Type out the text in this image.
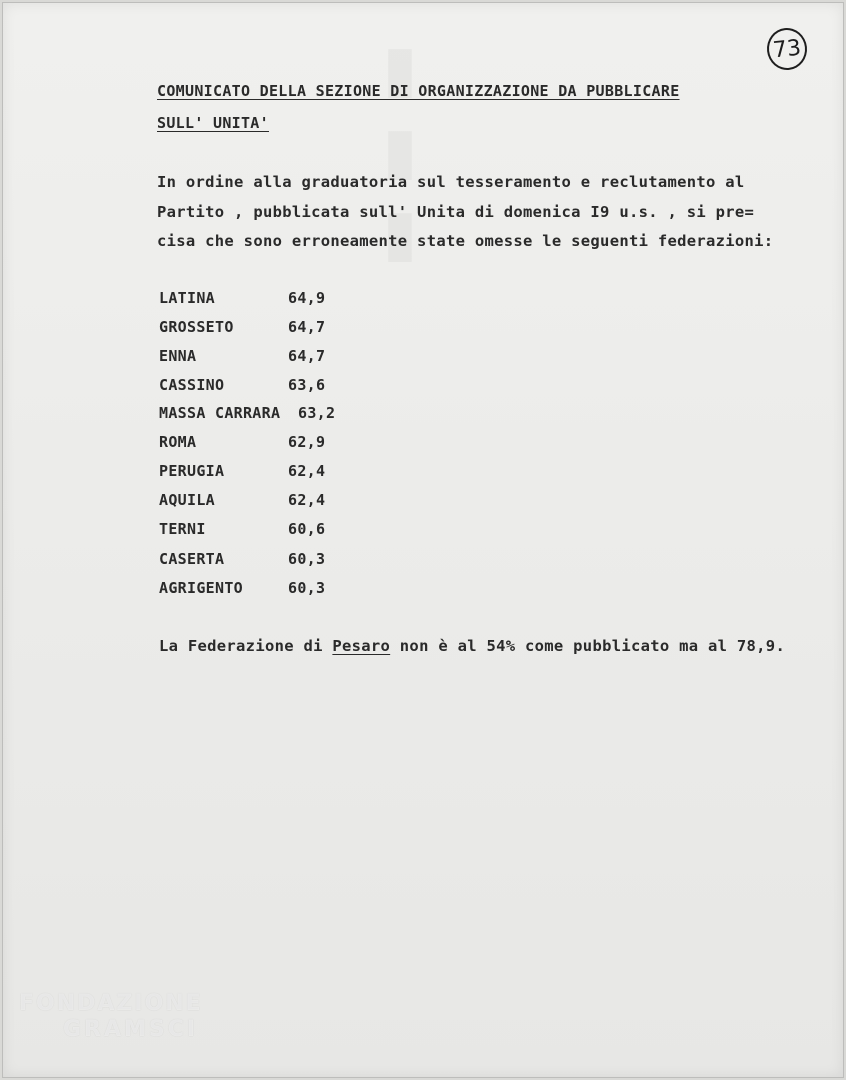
73
COMUNICATO DELLA SEZIONE DI ORGANIZZAZIONE DA PUBBLICARE
SULL' UNITA'
In ordine alla graduatoria sul tesseramento e reclutamento al
Partito , pubblicata sull' Unita di domenica I9 u.s. , si pre=
cisa che sono erroneamente state omesse le seguenti federazioni:
LATINA	64,9
GROSSETO	64,7
ENNA	64,7
CASSINO	63,6
MASSA CARRARA 63,2
ROMA	62,9
PERUGIA	62,4
AQUILA	62,4
TERNI	60,6
CASERTA	60,3
AGRIGENTO	60,3
La Federazione di Pesaro non è al 54% come pubblicato ma al 78,9.
FONDAZIONE
GRAMSCI
